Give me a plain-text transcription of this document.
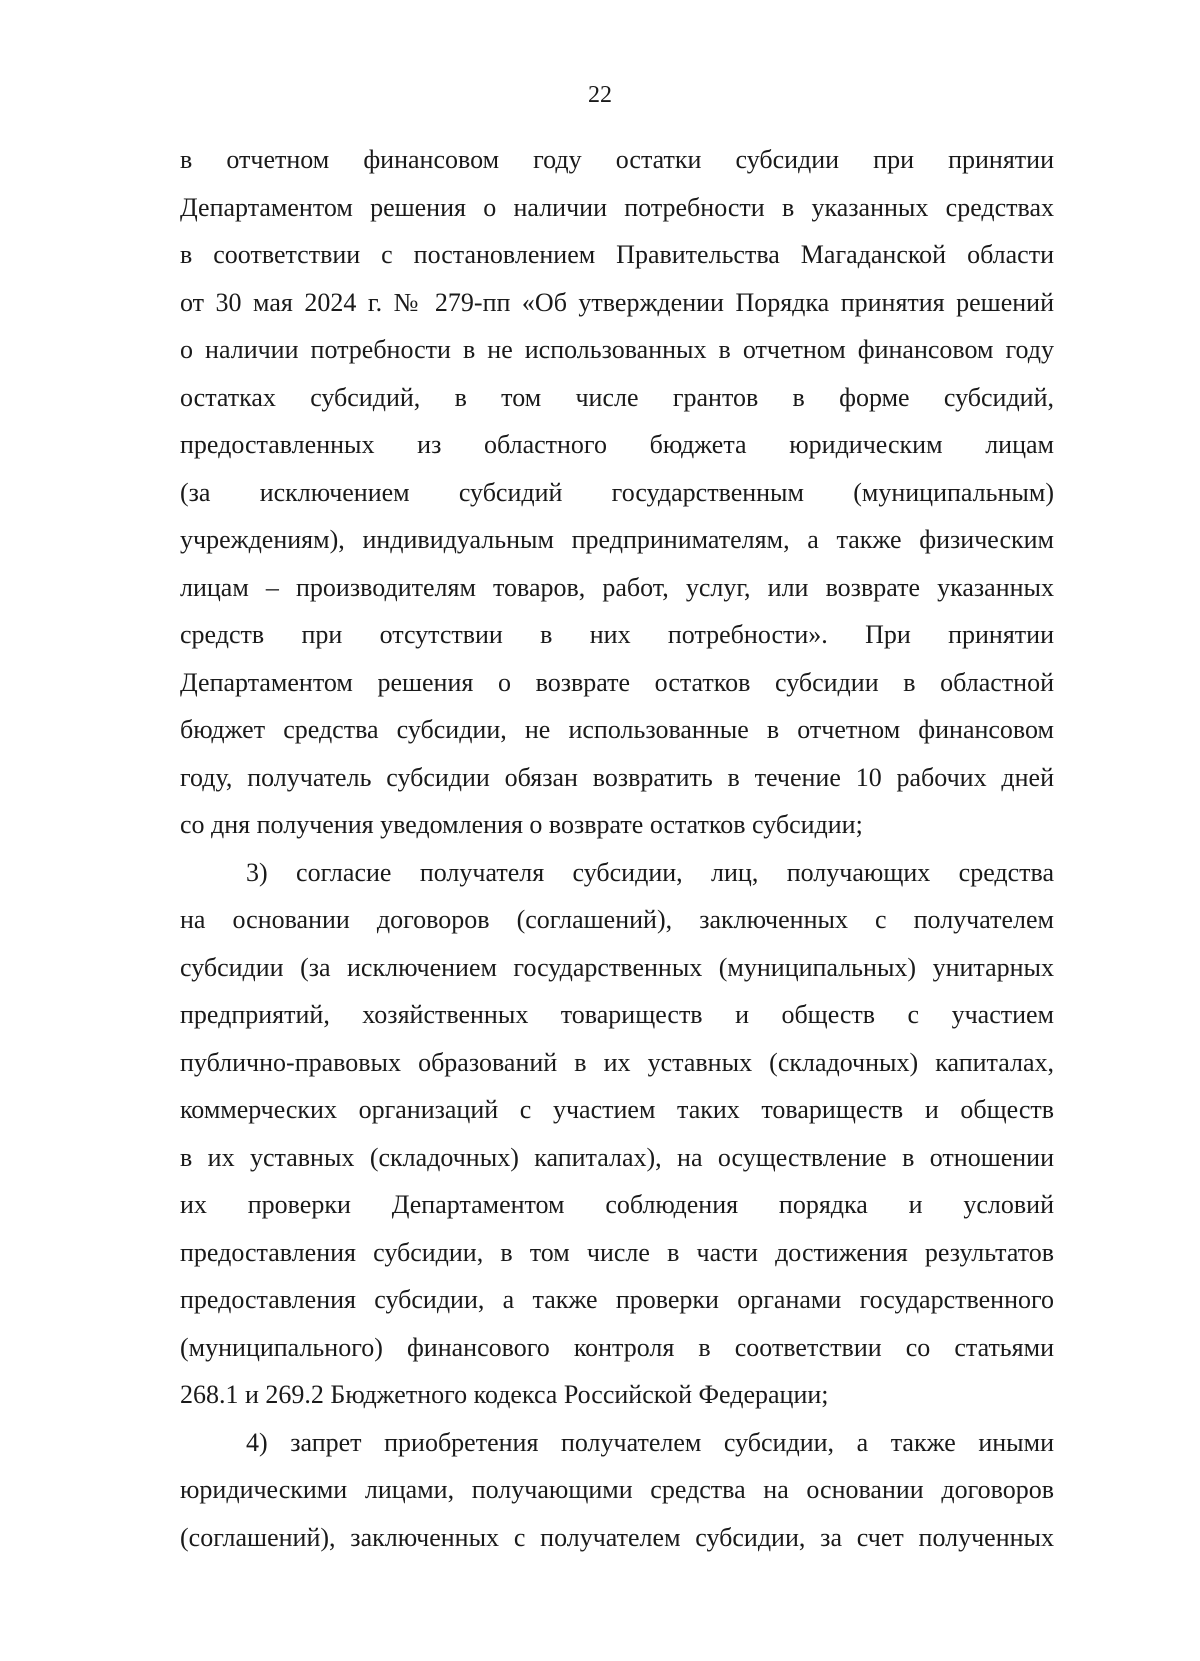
22
в отчетном финансовом году остатки субсидии при принятии
Департаментом решения о наличии потребности в указанных средствах
в соответствии с постановлением Правительства Магаданской области
от 30 мая 2024 г. № 279-пп «Об утверждении Порядка принятия решений
о наличии потребности в не использованных в отчетном финансовом году
остатках субсидий, в том числе грантов в форме субсидий,
предоставленных из областного бюджета юридическим лицам
(за исключением субсидий государственным (муниципальным)
учреждениям), индивидуальным предпринимателям, а также физическим
лицам – производителям товаров, работ, услуг, или возврате указанных
средств при отсутствии в них потребности». При принятии
Департаментом решения о возврате остатков субсидии в областной
бюджет средства субсидии, не использованные в отчетном финансовом
году, получатель субсидии обязан возвратить в течение 10 рабочих дней
со дня получения уведомления о возврате остатков субсидии;
3) согласие получателя субсидии, лиц, получающих средства
на основании договоров (соглашений), заключенных с получателем
субсидии (за исключением государственных (муниципальных) унитарных
предприятий, хозяйственных товариществ и обществ с участием
публично-правовых образований в их уставных (складочных) капиталах,
коммерческих организаций с участием таких товариществ и обществ
в их уставных (складочных) капиталах), на осуществление в отношении
их проверки Департаментом соблюдения порядка и условий
предоставления субсидии, в том числе в части достижения результатов
предоставления субсидии, а также проверки органами государственного
(муниципального) финансового контроля в соответствии со статьями
268.1 и 269.2 Бюджетного кодекса Российской Федерации;
4) запрет приобретения получателем субсидии, а также иными
юридическими лицами, получающими средства на основании договоров
(соглашений), заключенных с получателем субсидии, за счет полученных
